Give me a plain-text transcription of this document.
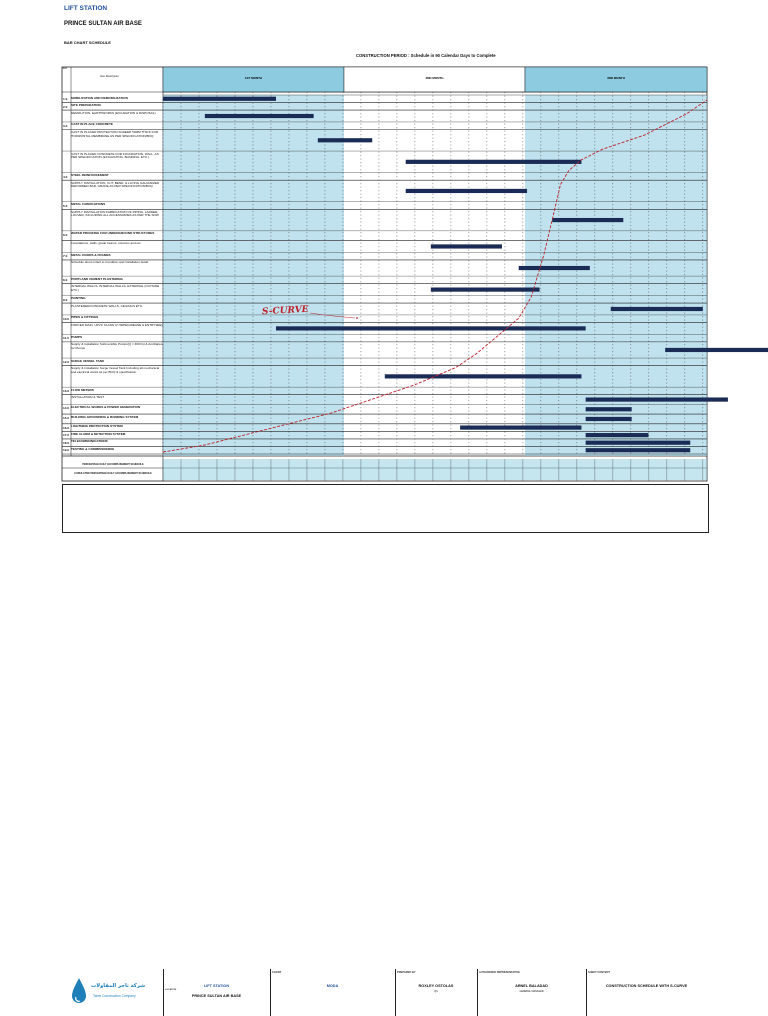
LIFT STATION
PRINCE SULTAN AIR BASE
BAR CHART SCHEDULE
CONSTRUCTION PERIOD : Schedule in 90 Calendar Days to Complete
1ST MONTH	2ND MONTH	3RD MONTH
Item
Item Description
1.0	MOBILIZATION AND DEMOBILIZATION
2.0	SITE PREPARATION
DEMOLITION, EARTHWORKS (EXCAVATION & DISPOSAL)
3.0	CAST IN PLACE CONCRETE
CAST IN PLACED PROTECTION SCREED 50MM THICK FOR HORIZONTAL MEMBRANE AS PER SPECIFICATION/BOQ
CAST IN PLACED CONCRETE FOR FOUNDATION, WALL, AS PER SPECIFICATION (EXCAVATING, BLINDING, ETC.)
4.0	STEEL REINFORCEMENT
SUPPLY INSTALLATION, CUT, BEND, & LAYING GALVANIZED DEFORMED BAR, GRADE AS PER SPECIFICATION/BOQ
5.0	METAL FABRICATIONS
SUPPLY INSTALLATION FABRICATION OF PIPING, LADDER, LOUVER, INCLUDING ALL ACCESSORIES AS PER THE SOW
6.0	WATER PROOFING FOR UNDERGROUND STRUCTURES
Foundations, walls, grade beams, columns and etc.
7.0	METAL DOORS & FRAMES
Schedule doors Intact to Condition and installation detail
8.0	PORTLAND CEMENT PLASTERING
INTERNAL WALLS, INTERNAL WALLS, EXTERNAL (OUTSIDE ETC.)
9.0	PAINTING
PLASTERED/CONCRETE WALLS, CEILINGS ETC.
10.0 PIPES & FITTINGS
FORCED MAIN, UPVC CLASS IV HDPE(GREASE & ENTRYSEE)
11.0 PUMPS
Supply & Installation Submersible Pumps(Q = 300 l/s) & Ancillaries for Pumps
12.0 SURGE VESSEL TANK
Supply & Installation Surge Vessel Tank Including all mechanical and electrical works as per BOQ & specification
13.0 FLOW METERS
INSTALLATION & TEST
14.0 ELECTRICAL WORKS & POWER GENERATION
15.0 BUILDING GROUNDING & BONDING SYSTEM
16.0 LIGHTNING PROTECTION SYSTEM
17.0 FIRE ALARM & DETECTION SYSTEM
18.0 TELECOMMUNICATIONS
19.0 TESTING & COMMISSIONING
PERCENTAGE DAILY ACCOMPLISHMENT SCHEDULE
CUMULATIVE PERCENTAGE DAILY ACCOMPLISHMENT SCHEDULE
S-CURVE
شركة تاجر المقاولات
Taher Construction Company
LOCATION
LIFT STATION
PRINCE SULTAN AIR BASE
CLIENT
MODA
PREPARED BY
ROXLEY OSTOLAS
QS
AUTHORIZED REPRESENTATIVE
ARNEL BALADAD
GENERAL MANAGER
SHEET CONTENT
CONSTRUCTION SCHEDULE WITH S-CURVE
